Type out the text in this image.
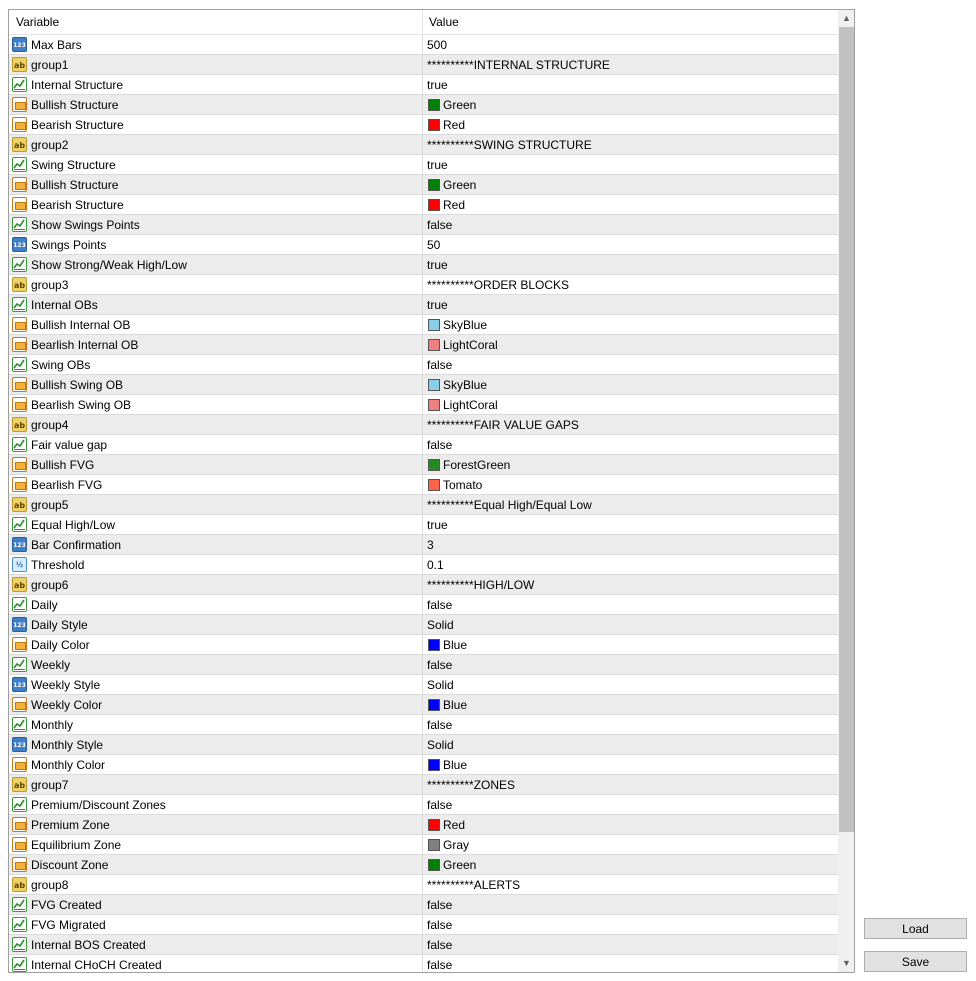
Variable	Value
123 Max Bars	500
ab group1	**********INTERNAL STRUCTURE
Internal Structure	true
Bullish Structure	Green
Bearish Structure	Red
ab group2	**********SWING STRUCTURE
Swing Structure	true
Bullish Structure	Green
Bearish Structure	Red
Show Swings Points	false
123 Swings Points	50
Show Strong/Weak High/Low	true
ab group3	**********ORDER BLOCKS
Internal OBs	true
Bullish Internal OB	SkyBlue
Bearlish Internal OB	LightCoral
Swing OBs	false
Bullish Swing OB	SkyBlue
Bearlish Swing OB	LightCoral
ab group4	**********FAIR VALUE GAPS
Fair value gap	false
Bullish FVG	ForestGreen
Bearlish FVG	Tomato
ab group5	**********Equal High/Equal Low
Equal High/Low	true
123 Bar Confirmation	3
½ Threshold	0.1
ab group6	**********HIGH/LOW
Daily	false
123 Daily Style	Solid
Daily Color	Blue
Weekly	false
123 Weekly Style	Solid
Weekly Color	Blue
Monthly	false
123 Monthly Style	Solid
Monthly Color	Blue
ab group7	**********ZONES
Premium/Discount Zones	false
Premium Zone	Red
Equilibrium Zone	Gray
Discount Zone	Green
ab group8	**********ALERTS
FVG Created	false
FVG Migrated	false
Internal BOS Created	false
Internal CHoCH Created	false
▲
▼
Load
Save
